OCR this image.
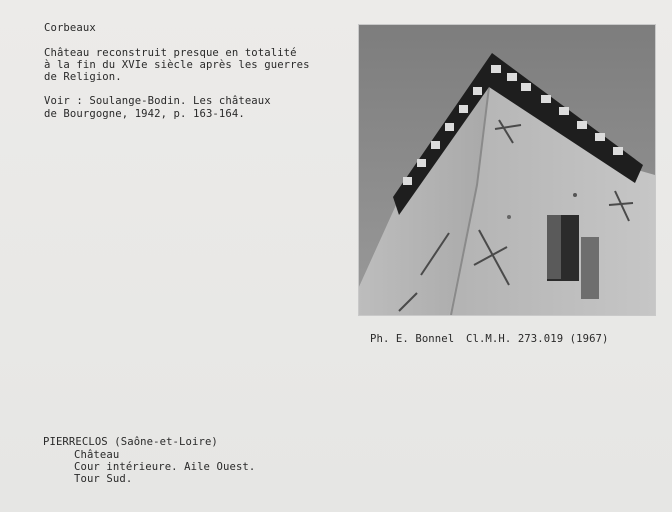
Corbeaux
Château reconstruit presque en totalité
à la fin du XVIe siècle après les guerres
de Religion.
Voir : Soulange-Bodin. Les châteaux
de Bourgogne, 1942, p. 163-164.
Ph. E. Bonnel Cl.M.H. 273.019 (1967)
PIERRECLOS (Saône-et-Loire)
Château
Cour intérieure. Aile Ouest.
Tour Sud.
